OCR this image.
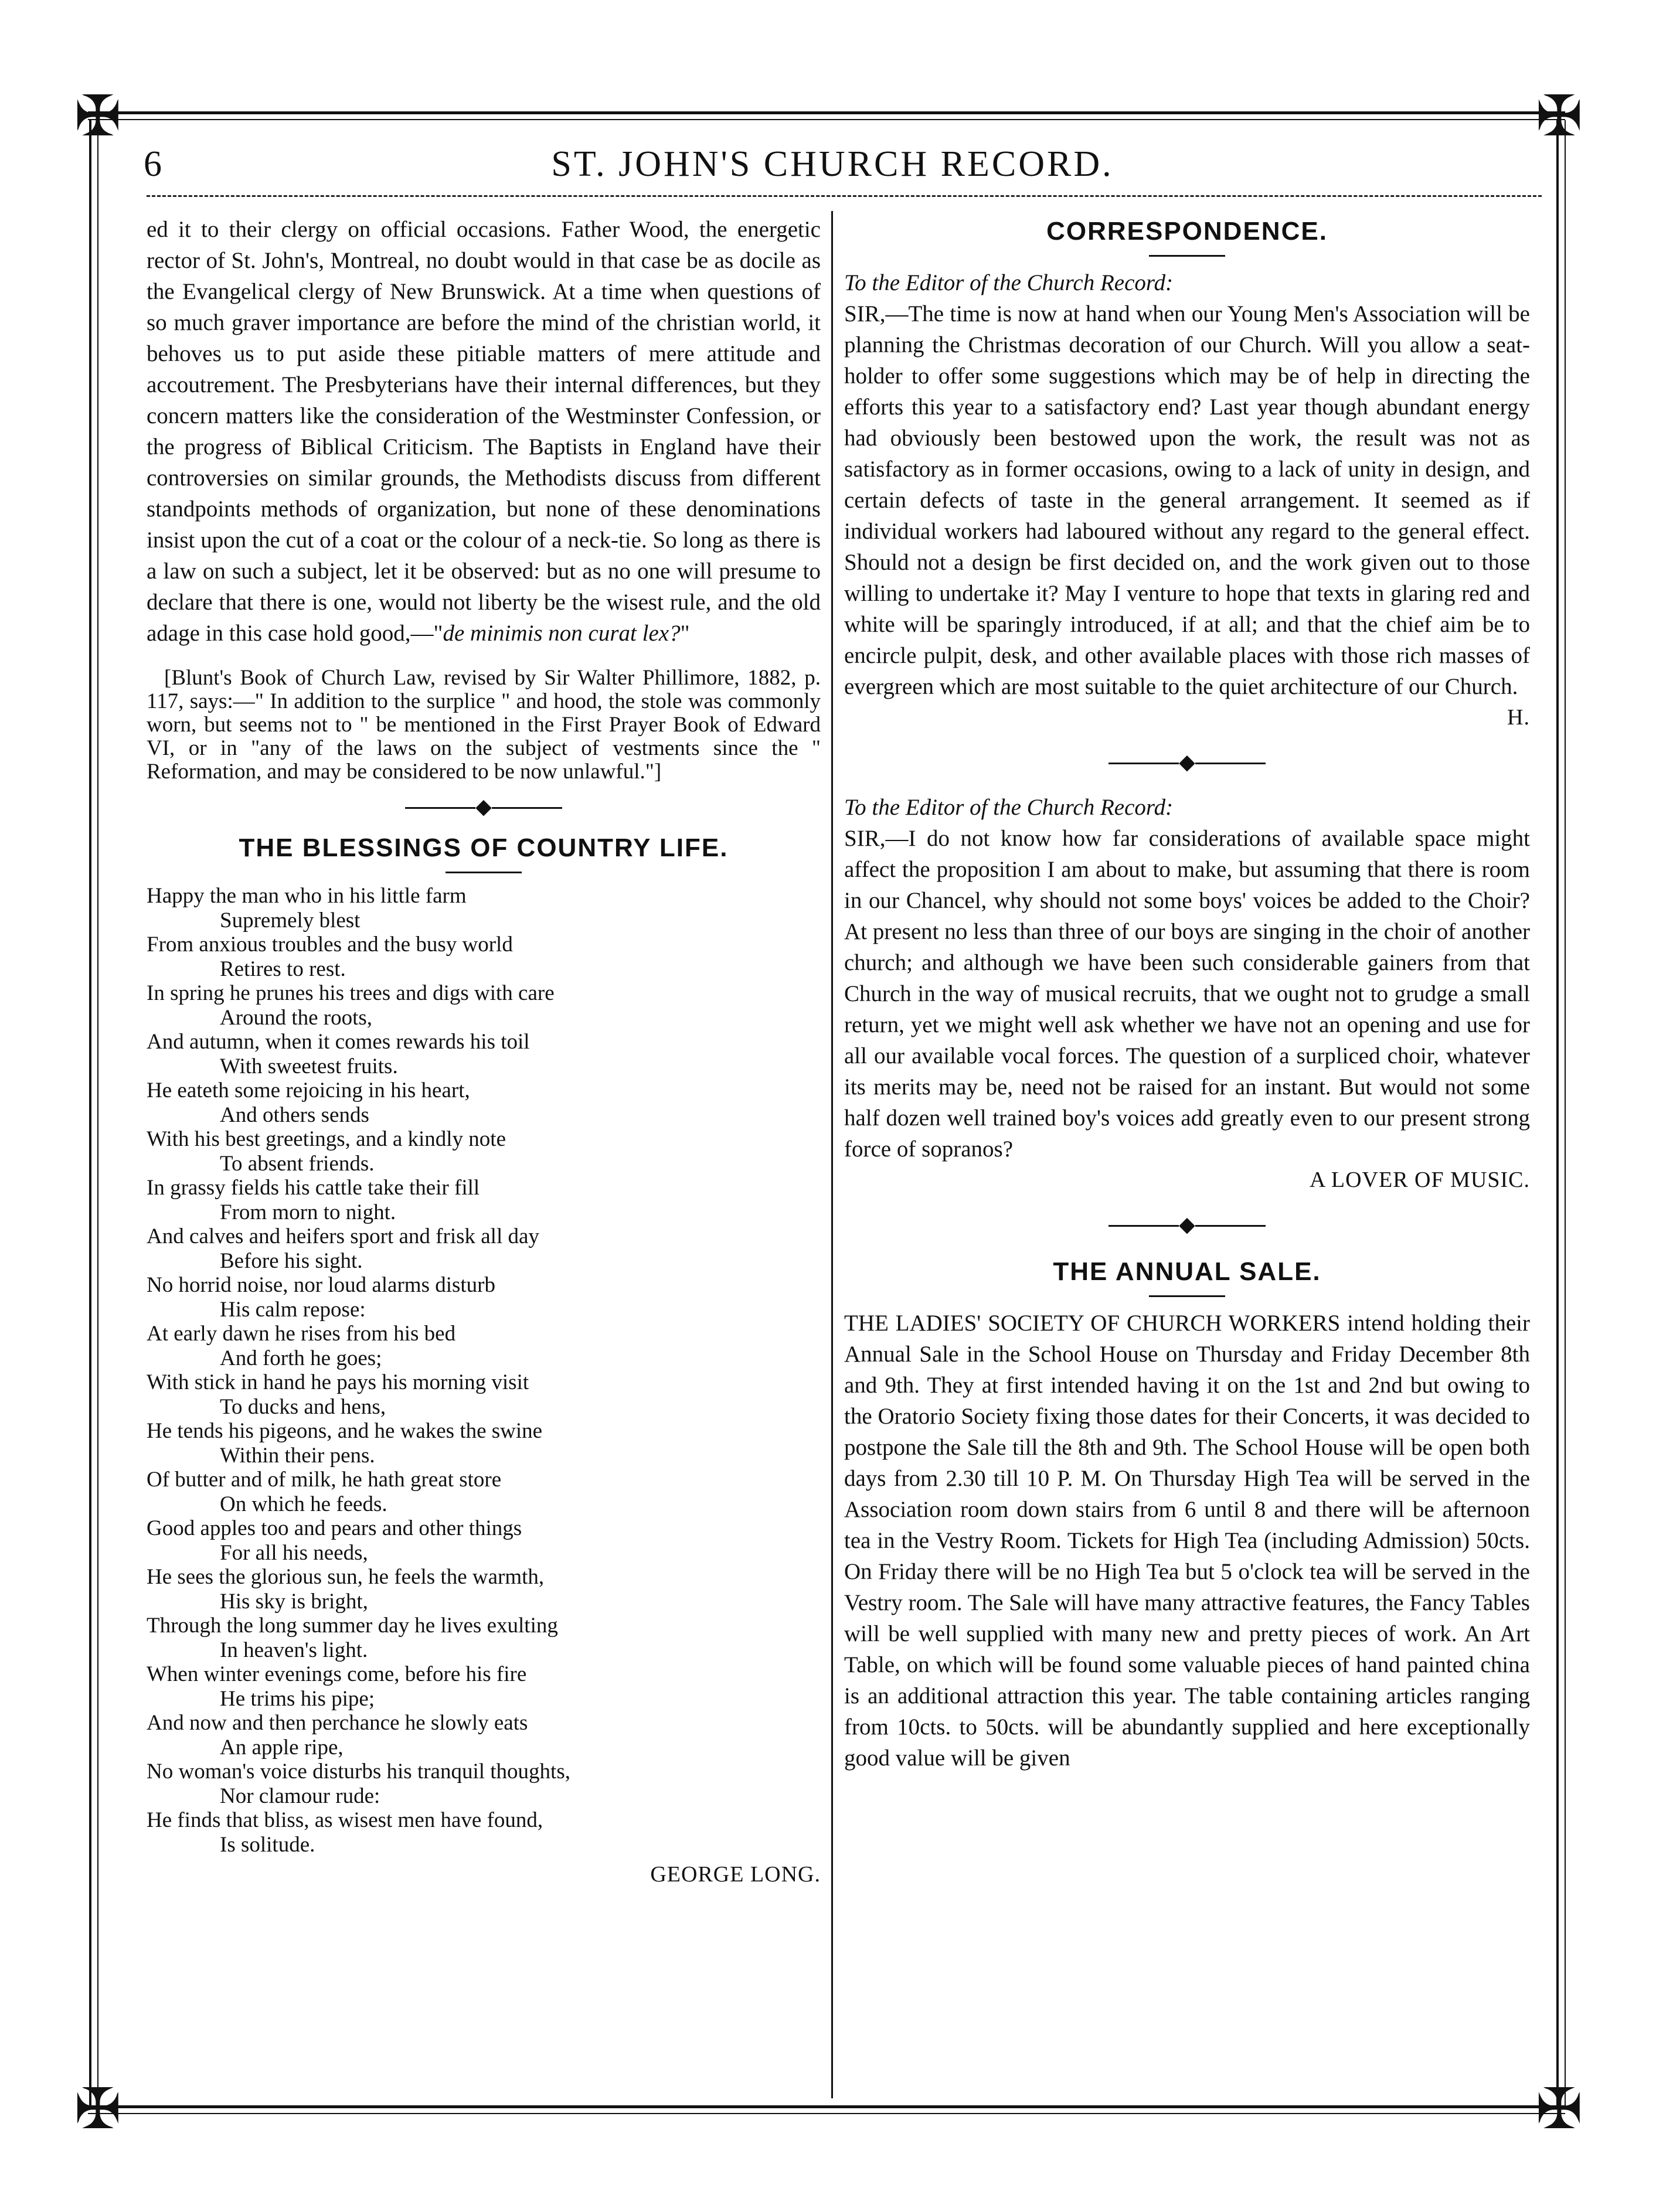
✠	✠
✠	✠
6	ST. JOHN'S CHURCH RECORD.

ed it to their clergy on official occasions. Father Wood, the energetic rector of St. John's, Montreal, no doubt would in that case be as docile as the Evangelical clergy of New Brunswick. At a time when questions of so much graver importance are before the mind of the christian world, it behoves us to put aside these pitiable matters of mere attitude and accoutrement. The Presbyterians have their internal differences, but they concern matters like the consideration of the Westminster Confession, or the progress of Biblical Criticism. The Baptists in England have their controversies on similar grounds, the Methodists discuss from different standpoints methods of organization, but none of these denominations insist upon the cut of a coat or the colour of a neck-tie. So long as there is a law on such a subject, let it be observed: but as no one will presume to declare that there is one, would not liberty be the wisest rule, and the old adage in this case hold good,—"de minimis non curat lex?"

[Blunt's Book of Church Law, revised by Sir Walter Phillimore, 1882, p. 117, says:—" In addition to the surplice " and hood, the stole was commonly worn, but seems not to " be mentioned in the First Prayer Book of Edward VI, or in "any of the laws on the subject of vestments since the " Reformation, and may be considered to be now unlawful."]

◆
THE BLESSINGS OF COUNTRY LIFE.
Happy the man who in his little farm
Supremely blest
From anxious troubles and the busy world
Retires to rest.
In spring he prunes his trees and digs with care
Around the roots,
And autumn, when it comes rewards his toil
With sweetest fruits.
He eateth some rejoicing in his heart,
And others sends
With his best greetings, and a kindly note
To absent friends.
In grassy fields his cattle take their fill
From morn to night.
And calves and heifers sport and frisk all day
Before his sight.
No horrid noise, nor loud alarms disturb
His calm repose:
At early dawn he rises from his bed
And forth he goes;
With stick in hand he pays his morning visit
To ducks and hens,
He tends his pigeons, and he wakes the swine
Within their pens.
Of butter and of milk, he hath great store
On which he feeds.
Good apples too and pears and other things
For all his needs,
He sees the glorious sun, he feels the warmth,
His sky is bright,
Through the long summer day he lives exulting
In heaven's light.
When winter evenings come, before his fire
He trims his pipe;
And now and then perchance he slowly eats
An apple ripe,
No woman's voice disturbs his tranquil thoughts,
Nor clamour rude:
He finds that bliss, as wisest men have found,
Is solitude.

GEORGE LONG.

CORRESPONDENCE.

To the Editor of the Church Record:

SIR,—The time is now at hand when our Young Men's Association will be planning the Christmas decoration of our Church. Will you allow a seat-holder to offer some suggestions which may be of help in directing the efforts this year to a satisfactory end? Last year though abundant energy had obviously been bestowed upon the work, the result was not as satisfactory as in former occasions, owing to a lack of unity in design, and certain defects of taste in the general arrangement. It seemed as if individual workers had laboured without any regard to the general effect. Should not a design be first decided on, and the work given out to those willing to undertake it? May I venture to hope that texts in glaring red and white will be sparingly introduced, if at all; and that the chief aim be to encircle pulpit, desk, and other available places with those rich masses of evergreen which are most suitable to the quiet architecture of our Church.

H.

◆

To the Editor of the Church Record:

SIR,—I do not know how far considerations of available space might affect the proposition I am about to make, but assuming that there is room in our Chancel, why should not some boys' voices be added to the Choir? At present no less than three of our boys are singing in the choir of another church; and although we have been such considerable gainers from that Church in the way of musical recruits, that we ought not to grudge a small return, yet we might well ask whether we have not an opening and use for all our available vocal forces. The question of a surpliced choir, whatever its merits may be, need not be raised for an instant. But would not some half dozen well trained boy's voices add greatly even to our present strong force of sopranos?

A LOVER OF MUSIC.

◆
THE ANNUAL SALE.

THE LADIES' SOCIETY OF CHURCH WORKERS intend holding their Annual Sale in the School House on Thursday and Friday December 8th and 9th. They at first intended having it on the 1st and 2nd but owing to the Oratorio Society fixing those dates for their Concerts, it was decided to postpone the Sale till the 8th and 9th. The School House will be open both days from 2.30 till 10 P. M. On Thursday High Tea will be served in the Association room down stairs from 6 until 8 and there will be afternoon tea in the Vestry Room. Tickets for High Tea (including Admission) 50cts. On Friday there will be no High Tea but 5 o'clock tea will be served in the Vestry room. The Sale will have many attractive features, the Fancy Tables will be well supplied with many new and pretty pieces of work. An Art Table, on which will be found some valuable pieces of hand painted china is an additional attraction this year. The table containing articles ranging from 10cts. to 50cts. will be abundantly supplied and here exceptionally good value will be given
